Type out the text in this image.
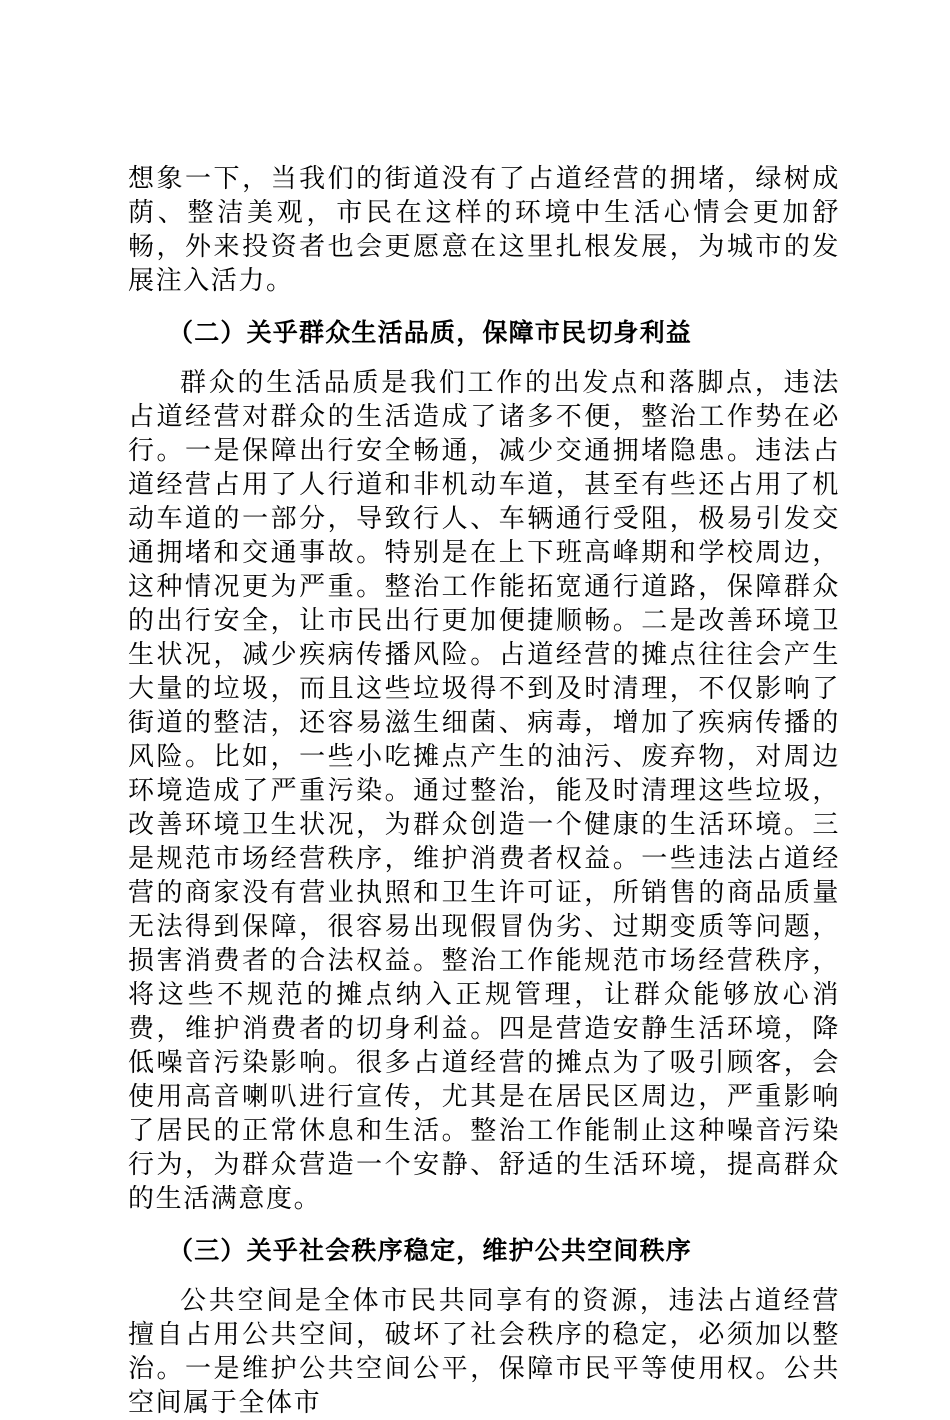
想象一下，当我们的街道没有了占道经营的拥堵，绿树成荫、整洁美观，市民在这样的环境中生活心情会更加舒畅，外来投资者也会更愿意在这里扎根发展，为城市的发展注入活力。

（二）关乎群众生活品质，保障市民切身利益

群众的生活品质是我们工作的出发点和落脚点，违法占道经营对群众的生活造成了诸多不便，整治工作势在必行。一是保障出行安全畅通，减少交通拥堵隐患。违法占道经营占用了人行道和非机动车道，甚至有些还占用了机动车道的一部分，导致行人、车辆通行受阻，极易引发交通拥堵和交通事故。特别是在上下班高峰期和学校周边，这种情况更为严重。整治工作能拓宽通行道路，保障群众的出行安全，让市民出行更加便捷顺畅。二是改善环境卫生状况，减少疾病传播风险。占道经营的摊点往往会产生大量的垃圾，而且这些垃圾得不到及时清理，不仅影响了街道的整洁，还容易滋生细菌、病毒，增加了疾病传播的风险。比如，一些小吃摊点产生的油污、废弃物，对周边环境造成了严重污染。通过整治，能及时清理这些垃圾，改善环境卫生状况，为群众创造一个健康的生活环境。三是规范市场经营秩序，维护消费者权益。一些违法占道经营的商家没有营业执照和卫生许可证，所销售的商品质量无法得到保障，很容易出现假冒伪劣、过期变质等问题，损害消费者的合法权益。整治工作能规范市场经营秩序，将这些不规范的摊点纳入正规管理，让群众能够放心消费，维护消费者的切身利益。四是营造安静生活环境，降低噪音污染影响。很多占道经营的摊点为了吸引顾客，会使用高音喇叭进行宣传，尤其是在居民区周边，严重影响了居民的正常休息和生活。整治工作能制止这种噪音污染行为，为群众营造一个安静、舒适的生活环境，提高群众的生活满意度。

（三）关乎社会秩序稳定，维护公共空间秩序

公共空间是全体市民共同享有的资源，违法占道经营擅自占用公共空间，破坏了社会秩序的稳定，必须加以整治。一是维护公共空间公平，保障市民平等使用权。公共空间属于全体市
